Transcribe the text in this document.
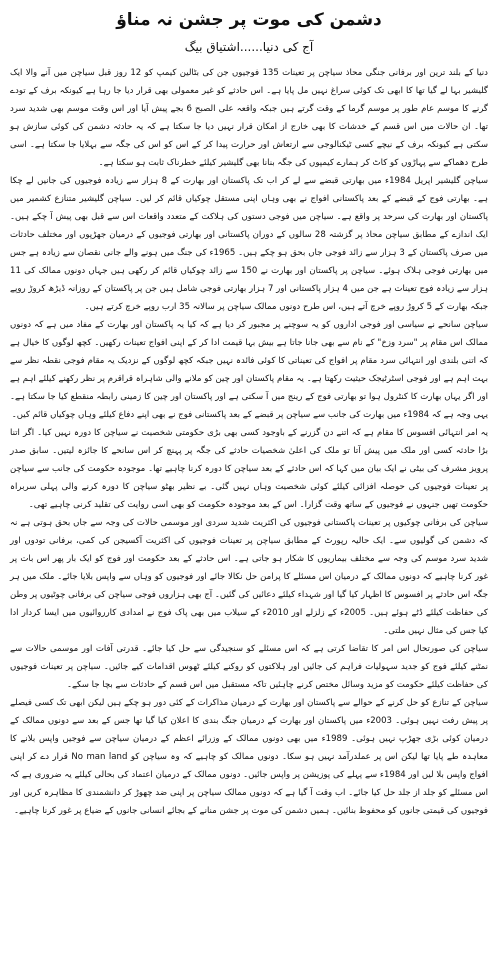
دشمن کی موت پر جشن نہ مناؤ
آج کی دنیا......اشتیاق بیگ

دنیا کے بلند ترین اور برفانی جنگی محاذ سیاچن پر تعینات 135 فوجیوں جن کی بٹالین کیمپ کو 12 روز قبل سیاچن میں آنے والا ایک گلیشیر بہا لے گیا تھا کا ابھی تک کوئی سراغ نہیں مل پایا ہے۔ اس حادثے کو غیر معمولی بھی قرار دیا جا رہا ہے کیونکہ برف کے تودے گرنے کا موسم عام طور پر موسم گرما کے وقت گرتے ہیں جبکہ واقعہ علی الصبح 6 بجے پیش آیا اور اس وقت موسم بھی شدید سرد تھا۔ ان حالات میں اس قسم کے خدشات کا بھی خارج از امکان قرار نہیں دیا جا سکتا ہے کہ یہ حادثہ دشمن کی کوئی سازش ہو سکتی ہے کیونکہ برف کے نیچے کسی ٹیکنالوجی سے ارتعاش اور حرارت پیدا کر کے اس کو اس کی جگہ سے بہلایا جا سکتا ہے۔ اسی طرح دھماکے سے پہاڑوں کو کاٹ کر ہمارے کیمپوں کی جگہ بنانا بھی گلیشیر کیلئے خطرناک ثابت ہو سکتا ہے۔

سیاچن گلیشیر اپریل 1984ء میں بھارتی قبضے سے لے کر اب تک پاکستان اور بھارت کے 8 ہزار سے زیادہ فوجیوں کی جانیں لے چکا ہے۔ بھارتی فوج کے قبضے کے بعد پاکستانی افواج نے بھی وہاں اپنی مستقل چوکیاں قائم کر لیں۔ سیاچن گلیشیر متنازع کشمیر میں پاکستان اور بھارت کی سرحد پر واقع ہے۔ سیاچن میں فوجی دستوں کی ہلاکت کے متعدد واقعات اس سے قبل بھی پیش آ چکے ہیں۔ ایک اندازے کے مطابق سیاچن محاذ پر گزشتہ 28 سالوں کے دوران پاکستانی اور بھارتی فوجیوں کے درمیان جھڑپوں اور مختلف حادثات میں صرف پاکستان کے 3 ہزار سے زائد فوجی جاں بحق ہو چکے ہیں۔ 1965ء کی جنگ میں ہونے والے جانی نقصان سے زیادہ ہے جس میں بھارتی فوجی ہلاک ہوئے۔ سیاچن پر پاکستان اور بھارت نے 150 سے زائد چوکیاں قائم کر رکھی ہیں جہاں دونوں ممالک کی 11 ہزار سے زیادہ فوج تعینات ہے جن میں 4 ہزار پاکستانی اور 7 ہزار بھارتی فوجی شامل ہیں جن پر پاکستان کے روزانہ ڈیڑھ کروڑ روپے جبکہ بھارت کے 5 کروڑ روپے خرچ آتے ہیں، اس طرح دونوں ممالک سیاچن پر سالانہ 35 ارب روپے خرچ کرتے ہیں۔

سیاچن سانحے نے سیاسی اور فوجی اداروں کو یہ سوچنے پر مجبور کر دیا ہے کہ کیا یہ پاکستان اور بھارت کے مفاد میں ہے کہ دونوں ممالک اس مقام پر "سرد وزخ" کے نام سے بھی جانا جاتا ہے بیش بہا قیمت ادا کر کے اپنی افواج تعینات رکھیں۔ کچھ لوگوں کا خیال ہے کہ اتنی بلندی اور انتہائی سرد مقام پر افواج کی تعیناتی کا کوئی فائدہ نہیں جبکہ کچھ لوگوں کے نزدیک یہ مقام فوجی نقطہ نظر سے بہت اہم ہے اور فوجی اسٹرٹیجک حیثیت رکھتا ہے۔ یہ مقام پاکستان اور چین کو ملانے والی شاہراہ قراقرم پر نظر رکھنے کیلئے اہم ہے اور اگر یہاں بھارت کا کنٹرول ہوا تو بھارتی فوج کے رینج میں آ سکتی ہے اور پاکستان اور چین کا زمینی رابطہ منقطع کیا جا سکتا ہے۔ یہی وجہ ہے کہ 1984ء میں بھارت کی جانب سے سیاچن پر قبضے کے بعد پاکستانی فوج نے بھی اپنے دفاع کیلئے وہاں چوکیاں قائم کیں۔

یہ امر انتہائی افسوس کا مقام ہے کہ اتنے دن گزرنے کے باوجود کسی بھی بڑی حکومتی شخصیت نے سیاچن کا دورہ نہیں کیا۔ اگر اتنا بڑا حادثہ کسی اور ملک میں پیش آتا تو ملک کی اعلیٰ شخصیات حادثے کی جگہ پر پہنچ کر اس سانحے کا جائزہ لیتیں۔ سابق صدر پرویز مشرف کی بیٹی نے ایک بیان میں کہا کہ اس حادثے کے بعد سیاچن کا دورہ کرنا چاہیے تھا۔ موجودہ حکومت کی جانب سے سیاچن پر تعینات فوجیوں کی حوصلہ افزائی کیلئے کوئی شخصیت وہاں نہیں گئی۔ بے نظیر بھٹو سیاچن کا دورہ کرنے والی پہلی سربراہ حکومت تھیں جنہوں نے فوجیوں کے ساتھ وقت گزارا۔ اس کے بعد موجودہ حکومت کو بھی اسی روایت کی تقلید کرنی چاہیے تھی۔

سیاچن کی برفانی چوکیوں پر تعینات پاکستانی فوجیوں کی اکثریت شدید سردی اور موسمی حالات کی وجہ سے جاں بحق ہوتی ہے نہ کہ دشمن کی گولیوں سے۔ ایک حالیہ رپورٹ کے مطابق سیاچن پر تعینات فوجیوں کی اکثریت آکسیجن کی کمی، برفانی تودوں اور شدید سرد موسم کی وجہ سے مختلف بیماریوں کا شکار ہو جاتی ہے۔ اس حادثے کے بعد حکومت اور فوج کو ایک بار پھر اس بات پر غور کرنا چاہیے کہ دونوں ممالک کے درمیان اس مسئلے کا پرامن حل نکالا جائے اور فوجیوں کو وہاں سے واپس بلایا جائے۔ ملک میں ہر جگہ اس حادثے پر افسوس کا اظہار کیا گیا اور شہداء کیلئے دعائیں کی گئیں۔ آج بھی ہزاروں فوجی سیاچن کی برفانی چوٹیوں پر وطن کی حفاظت کیلئے ڈٹے ہوئے ہیں۔ 2005ء کے زلزلے اور 2010ء کے سیلاب میں بھی پاک فوج نے امدادی کارروائیوں میں ایسا کردار ادا کیا جس کی مثال نہیں ملتی۔

سیاچن کی صورتحال اس امر کا تقاضا کرتی ہے کہ اس مسئلے کو سنجیدگی سے حل کیا جائے۔ قدرتی آفات اور موسمی حالات سے نمٹنے کیلئے فوج کو جدید سہولیات فراہم کی جائیں اور ہلاکتوں کو روکنے کیلئے ٹھوس اقدامات کیے جائیں۔ سیاچن پر تعینات فوجیوں کی حفاظت کیلئے حکومت کو مزید وسائل مختص کرنے چاہئیں تاکہ مستقبل میں اس قسم کے حادثات سے بچا جا سکے۔

سیاچن کے تنازع کو حل کرنے کے حوالے سے پاکستان اور بھارت کے درمیان مذاکرات کے کئی دور ہو چکے ہیں لیکن ابھی تک کسی فیصلے پر پیش رفت نہیں ہوئی۔ 2003ء میں پاکستان اور بھارت کے درمیان جنگ بندی کا اعلان کیا گیا تھا جس کے بعد سے دونوں ممالک کے درمیان کوئی بڑی جھڑپ نہیں ہوئی۔ 1989ء میں بھی دونوں ممالک کے وزرائے اعظم کے درمیان سیاچن سے فوجیں واپس بلانے کا معاہدہ طے پایا تھا لیکن اس پر عملدرآمد نہیں ہو سکا۔ دونوں ممالک کو چاہیے کہ وہ سیاچن کو No man land قرار دے کر اپنی افواج واپس بلا لیں اور 1984ء سے پہلے کی پوزیشن پر واپس جائیں۔ دونوں ممالک کے درمیان اعتماد کی بحالی کیلئے یہ ضروری ہے کہ اس مسئلے کو جلد از جلد حل کیا جائے۔ اب وقت آ گیا ہے کہ دونوں ممالک سیاچن پر اپنی ضد چھوڑ کر دانشمندی کا مظاہرہ کریں اور فوجیوں کی قیمتی جانوں کو محفوظ بنائیں۔ ہمیں دشمن کی موت پر جشن منانے کے بجائے انسانی جانوں کے ضیاع پر غور کرنا چاہیے۔
